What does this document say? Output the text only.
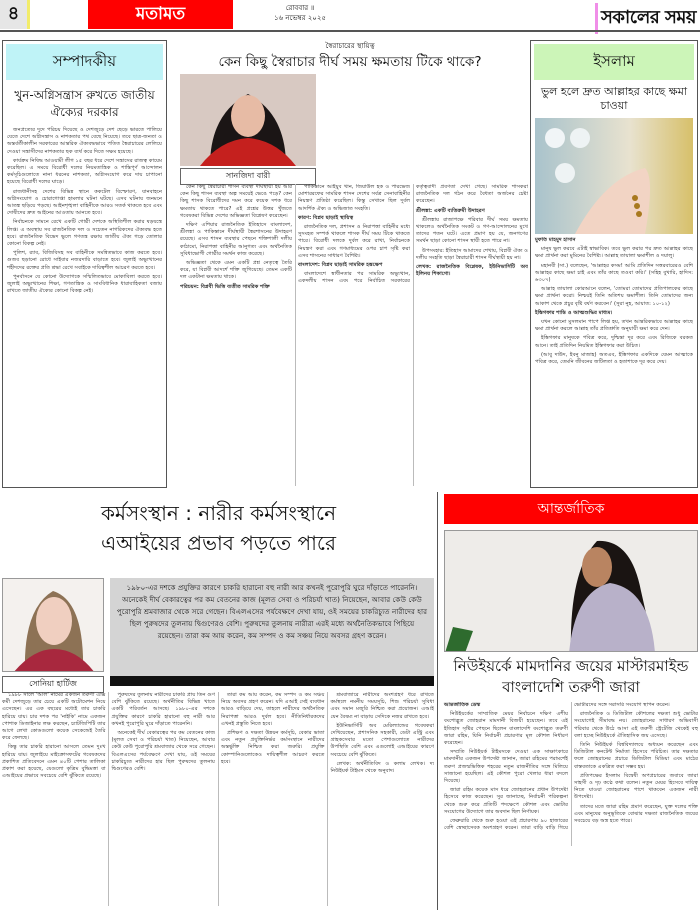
৪	মতামত	রোববার ॥
১৬ নভেম্বর ২০২৫	সকালের সময়
সম্পাদকীয়
খুন-অগ্নিসন্ত্রাস রুখতে জাতীয় ঐক্যের দরকার

জনপ্রত্যের দুদে পরিচয় দিয়েছে ও দেশজুড়ে দেশ ছেড়ে ভারতে পালিয়ে যেতে দেশে অগ্নিসন্ত্রাস ও নাশকতার পথ বেছে নিয়েছে। তবে ছাত্র-জনতা ও অন্তর্বর্তীকালীন সরকারের আন্তরিক ঐক্যবদ্ধভাবে পতিত স্বৈরাচারের লেলিয়ে দেওয়া সন্ত্রাসীদের নাশকতার ছক ব্যর্থ করে দিতে সক্ষম হয়েছে।

কার্যক্রম নিষিদ্ধ আওয়ামী লীগ ১৫ বছর ধরে দেশে সন্ত্রাসের রাজত্ব কায়েম করেছিল। এ সময়ে বিরোধী দলের নিয়মতান্ত্রিক ও শান্তিপূর্ণ আন্দোলন কর্মসূচিগুলোতে নানা ধরনের নাশকতা, অগ্নিসংযোগ করে দায় চাপানো হয়েছে বিরোধী দলের ঘাড়ে।

রাজধানীসহ দেশের বিভিন্ন স্থানে ককটেল বিস্ফোরণ, যানবাহনে অগ্নিসংযোগ ও চোরাগোপ্তা হামলার ঘটনা ঘটছে। এসব ঘটনায় জনমনে আতঙ্ক ছড়িয়ে পড়ছে। আইনশৃঙ্খলা বাহিনীকে আরও সতর্ক থাকতে হবে এবং দোষীদের দ্রুত আইনের আওতায় আনতে হবে।

নির্বাচনকে সামনে রেখে একটি গোষ্ঠী দেশকে অস্থিতিশীল করার ষড়যন্ত্রে লিপ্ত। এ অবস্থায় সব রাজনৈতিক দল ও সচেতন নাগরিকদের ঐক্যবদ্ধ হতে হবে। রাজনৈতিক বিভেদ ভুলে গণতন্ত্র রক্ষায় জাতীয় ঐক্য গড়ে তোলার কোনো বিকল্প নেই।

পুলিশ, র‍্যাব, বিজিবিসহ সব বাহিনীকে সমন্বিতভাবে কাজ করতে হবে। গুজব ছড়ানো রোধে সাইবার নজরদারি বাড়াতে হবে। জুলাই অভ্যুত্থানের শহীদদের রক্তের প্রতি শ্রদ্ধা রেখে সবাইকে দায়িত্বশীল আচরণ করতে হবে।

পুনর্বাসনে যে কোনো উদ্যোগকে সম্মিলিতভাবে মোকাবিলা করতে হবে। জুলাই অভ্যুত্থানের শিক্ষা, গণতান্ত্রিক ও সাংবিধানিক ধারাবাহিকতা বজায় রাখতে জাতীয় ঐক্যের কোনো বিকল্প নেই।

স্বৈরাচারের স্থায়িত্ব
কেন কিছু স্বৈরাচার দীর্ঘ সময় ক্ষমতায় টিকে থাকে?
সানজিদা বারী

কেন কিছু স্বৈরাচারী শাসন ব্যবস্থা দীর্ঘস্থায়ী হয় আর কেন কিছু শাসন ব্যবস্থা অল্প সময়েই ভেঙে পড়ে? কেন কিছু শাসক বিরোধীদের দমন করে কয়েক দশক ধরে ক্ষমতায় থাকতে পারে? এই প্রশ্নের উত্তর খুঁজতে গবেষকরা বিভিন্ন দেশের অভিজ্ঞতা বিশ্লেষণ করেছেন।

দক্ষিণ এশিয়ার রাজনৈতিক ইতিহাসে বাংলাদেশ, শ্রীলঙ্কা ও পাকিস্তানে দীর্ঘস্থায়ী স্বৈরশাসনের উদাহরণ রয়েছে। এসব শাসন ব্যবস্থার পেছনে শক্তিশালী দলীয় কাঠামো, নিরাপত্তা বাহিনীর আনুগত্য এবং অর্থনৈতিক সুবিধাভোগী গোষ্ঠীর সমর্থন কাজ করেছে।

অভিজ্ঞতা থেকে এমন একটি প্রশ্ন নেতৃত্বে তৈরি করে, যা বিপ্লবী আদর্শে শক্তি জুগিয়েছে। তেমন একটি দল একটানা ক্ষমতায় থাকে।

পরিচয়ন: বিপ্লবী ভিত্তি ব্যতীত সামরিক শক্তি

পাকিস্তানে আইয়ুব খান, জিয়াউল হক ও পারভেজ মোশাররফের সামরিক শাসন দেশের সর্বত্র সেনাবাহিনীর নিয়ন্ত্রণ প্রতিষ্ঠা করেছিল। কিন্তু সেখানে ছিল দুর্বল আদর্শিক ঐক্য ও অভিজাত সংহতি।

কারণ: বিপ্লব ছাড়াই স্থায়িত্ব

রাজনৈতিক দল, প্রশাসন ও নিরাপত্তা বাহিনীর মধ্যে সুসংহত সম্পর্ক থাকলে শাসক দীর্ঘ সময় টিকে থাকতে পারে। বিরোধী দলকে দুর্বল করে রাখা, নির্বাচনকে নিয়ন্ত্রণ করা এবং গণমাধ্যমের ওপর চাপ সৃষ্টি করা এসব শাসনের সাধারণ বৈশিষ্ট্য।

বাংলাদেশ: বিপ্লব ছাড়াই সামরিক হস্তক্ষেপ

বাংলাদেশে স্বাধীনতার পর সামরিক অভ্যুত্থান, একদলীয় শাসন এবং পরে নির্বাচিত সরকারের কর্তৃত্ববাদী প্রবণতা দেখা গেছে। সামরিক শাসকরা রাজনৈতিক দল গঠন করে বৈধতা অর্জনের চেষ্টা করেছেন।

শ্রীলঙ্কা: একটি ব্যতিক্রমী উদাহরণ

শ্রীলঙ্কায় রাজাপক্ষে পরিবার দীর্ঘ সময় ক্ষমতায় থাকলেও অর্থনৈতিক সংকট ও গণ-আন্দোলনের মুখে তাদের পতন ঘটে। এতে প্রমাণ হয় যে, জনগণের সমর্থন ছাড়া কোনো শাসন স্থায়ী হতে পারে না।

উপসংহার: ইতিহাস আমাদের শেখায়, বিপ্লবী ঐক্য ও দলীয় সংহতি ছাড়া স্বৈরাচারী শাসন দীর্ঘস্থায়ী হয় না।

লেখক: রাজনৈতিক বিশ্লেষক, ইউনিভার্সিটি অব ইলিনয় শিকাগো।

ইসলাম
ভুল হলে দ্রুত আল্লাহর কাছে ক্ষমা চাওয়া

মুফতি মাহমুদ হাসান

মানুষ ভুল করবে এটাই স্বাভাবিক। তবে ভুল করার পর দ্রুত আল্লাহর কাছে ক্ষমা প্রার্থনা করা মুমিনের বৈশিষ্ট্য। আল্লাহ তায়ালা ক্ষমাশীল ও দয়ালু।

মহানবী (সা.) বলেছেন, 'আল্লাহর কসম! আমি প্রতিদিন সত্তরবারেরও বেশি আল্লাহর কাছে ক্ষমা চাই এবং তাঁর কাছে তওবা করি।' (সহিহ বুখারি, হাদিস: ৬৩০৭)

আল্লাহ তায়ালা কোরআনে বলেন, 'তোমরা তোমাদের প্রতিপালকের কাছে ক্ষমা প্রার্থনা করো। নিশ্চয়ই তিনি অতিশয় ক্ষমাশীল। তিনি তোমাদের জন্য আকাশ থেকে প্রচুর বৃষ্টি বর্ষণ করবেন।' (সুরা নুহ, আয়াত: ১০-১২)

ইস্তিগফার শান্তি ও আত্মশুদ্ধির মাধ্যম।

যখন কোনো মুসলমান পাপে লিপ্ত হয়, তখন আন্তরিকভাবে আল্লাহর কাছে ক্ষমা প্রার্থনা করলে আল্লাহ তাঁর প্রতিশ্রুতি অনুযায়ী ক্ষমা করে দেন।

ইস্তিগফার মানুষকে পবিত্র করে, দুশ্চিন্তা দূর করে এবং রিজিকে বরকত আনে। তাই প্রতিদিন নিয়মিত ইস্তিগফার করা উচিত।

(আবু দাউদ, ইবনু মাজাহ) অতএব, ইস্তিগফার একদিকে যেমন আত্মাকে পবিত্র করে, তেমনি জীবনের জটিলতা ও হতাশাকে দূর করে দেয়।

কর্মসংস্থান : নারীর কর্মসংস্থানে এআইয়ের প্রভাব পড়তে পারে
সোনিয়া হার্টিজ
১৯৮০-এর দশকে প্রযুক্তির কারণে চাকরি হারানো বহু নারী আর কখনই পুরোপুরি ঘুরে দাঁড়াতে পারেননি। অনেকেই দীর্ঘ বেকারত্বের পর কম বেতনের কাজ (মূলত সেবা ও পরিচর্যা খাত) নিয়েছেন, আবার কেউ কেউ পুরোপুরি শ্রমবাজার থেকে সরে গেছেন। বিএলএসের পর্যবেক্ষণে দেখা যায়, ওই সময়ের চাকরিচ্যুত নারীদের হার ছিল পুরুষদের তুলনায় দ্বিগুণেরও বেশি। পুরুষদের তুলনায় নারীরা এরই মধ্যে অর্থনৈতিকভাবে পিছিয়ে রয়েছেন। তারা কম আয় করেন, কম সম্পদ ও কম সঞ্চয় নিয়ে অবসর গ্রহণ করেন।

১৯৮৮ সালে 'আল' নামের একজন তরুণী এক্সি কর্মী দেশজুড়ে তার চেয়ে একটি অটোমেশন নিয়ে এসেছেন। এর এক বছরের মধ্যেই তার চাকরি হারিয়ে যায়। চার দশক পর 'নাইকি' নামে একজন পোশাক ডিজাইনার লক্ষ করছেন, চ্যাটজিপিটি তার আগে লেখা কোডগুলো কয়েক সেকেন্ডেই তৈরি করে ফেলছে।

কিন্তু তার চাকরি হারানো আসলে তেমন দুঃখ হারিয়ে যায়। জুলাইয়ে মাইক্রোসফটের গবেষকদের প্রকাশিত প্রতিবেদনে এমন ৪০টি পেশার তালিকা প্রকাশ করা হয়েছে, যেগুলো কৃত্রিম বুদ্ধিমত্তা বা এআইয়ের প্রভাবে সবচেয়ে বেশি ঝুঁকিতে রয়েছে।

পুরুষদের তুলনায় নারীদের চাকরি প্রায় তিন গুণ বেশি ঝুঁকিতে রয়েছে। অর্থনীতির বিভিন্ন খাতে একটি পরিবর্তন আসছে। ১৯৮০-এর দশকে প্রযুক্তির কারণে চাকরি হারানো বহু নারী আর কখনই পুরোপুরি ঘুরে দাঁড়াতে পারেননি।

অনেকেই দীর্ঘ বেকারত্বের পর কম বেতনের কাজ (মূলত সেবা ও পরিচর্যা খাত) নিয়েছেন, আবার কেউ কেউ পুরোপুরি শ্রমবাজার থেকে সরে গেছেন। বিএলএসের পর্যবেক্ষণে দেখা যায়, ওই সময়ের চাকরিচ্যুত নারীদের হার ছিল পুরুষদের তুলনায় দ্বিগুণেরও বেশি।

তারা কম আয় করেন, কম সম্পদ ও কম সঞ্চয় নিয়ে অবসর গ্রহণ করেন। যদি এআই সেই ব্যবধান আরও বাড়িয়ে দেয়, তাহলে নারীদের অর্থনৈতিক নিরাপত্তা আরও দুর্বল হবে। নীতিনির্ধারকদের এখনই প্রস্তুতি নিতে হবে।

প্রশিক্ষণ ও দক্ষতা উন্নয়ন কর্মসূচি, বেকার ভাতা এবং নতুন প্রযুক্তিনির্ভর কর্মসংস্থানে নারীদের অন্তর্ভুক্তি নিশ্চিত করা জরুরি। প্রযুক্তি কোম্পানিগুলোকেও দায়িত্বশীল আচরণ করতে হবে।

শ্রমবাজারে নারীদের অংশগ্রহণ ধরে রাখতে কর্মস্থলে নমনীয় সময়সূচি, শিশু পরিচর্যা সুবিধা এবং সমান মজুরি নিশ্চিত করা প্রয়োজন। এআই যেন বৈষম্য না বাড়ায় সেদিকে নজর রাখতে হবে।

ইউনিভার্সিটি অব মেরিল্যান্ডের গবেষকরা দেখিয়েছেন, প্রশাসনিক সহকারী, ডেটা এন্ট্রি এবং গ্রাহকসেবার মতো পেশাগুলোতে নারীদের উপস্থিতি বেশি এবং এগুলোই এআইয়ের কারণে সবচেয়ে বেশি ঝুঁকিতে।

লেখক: অর্থনীতিবিদ ও কলাম লেখক। দ্য নিউইয়র্ক টাইমস থেকে অনুবাদ।

আন্তর্জাতিক
নিউইয়র্কে মামদানির জয়ের মাস্টারমাইন্ড বাংলাদেশি তরুণী জারা

আন্তর্জাতিক ডেস্ক

নিউইয়র্কের সাম্প্রতিক মেয়র নির্বাচনে দক্ষিণ এশীয় বংশোদ্ভূত জোহরান মামদানী বিজয়ী হয়েছেন। তবে এই ইতিহাস সৃষ্টির পেছনে ছিলেন বাংলাদেশি বংশোদ্ভূত তরুণী জারা রহিম, যিনি নির্বাচনী প্রচারণার মূল কৌশল নির্ধারণ করেছেন।

সম্প্রতি নিউইয়র্ক টাইমসকে দেওয়া এক সাক্ষাৎকারে মামদানীর একজন উপদেষ্টা জানান, জারা রহিমের পরামর্শেই তরুণ প্রজন্মভিত্তিক শহরের নতুন রাজনীতির সঙ্গে মিলিয়ে সাজানো হয়েছিল। এই কৌশল পুরো খেলার ধারা বদলে দিয়েছে।

জারা রহিম কয়েক মাস ধরে জোহরানের প্রধান উপদেষ্টা হিসেবে কাজ করেছেন। সুর জানাচ্ছে, নির্বাচনী পরিকল্পনা থেকে শুরু করে প্রতিটি পদক্ষেপে কৌশল এবং ভোটার সংযোগের উদ্যোগে তার অবদান ছিল নির্ণায়ক।

ফেব্রুয়ারি থেকে শুরু হওয়া এই প্রচারণায় ৯০ হাজারের বেশি স্বেচ্ছাসেবক অংশগ্রহণ করেন। তারা বাড়ি বাড়ি গিয়ে ভোটারদের সঙ্গে সরাসরি সংযোগ স্থাপন করেন।

রাজনৈতিক ও ডিজিটাল কৌশলের দক্ষতা শুধু ভোটার সংযোগেই সীমাবদ্ধ নয়। জোহরানের সাধারণ অভিবাসী পরিবার থেকে উঠে আসা এই তরুণী স্ট্রেটেজি থেকেই বহু বলা হচ্ছে নিউইয়র্কে ঐতিহাসিক জয় এসেছে।

তিনি নিউইয়র্ক বিশ্ববিদ্যালয়ে অধ্যয়ন করেছেন এবং ডিজিটাল কনটেন্ট নির্মাতা হিসেবে পরিচিত। তার দক্ষতার ফলে জোহরানের প্রচারে ডিজিটাল মিডিয়া এবং মাঠের বাস্তবতাকে একত্রিত করা সম্ভব হয়।

প্রতিপক্ষের ইসলাম বিদ্বেষী অপপ্রচারের জবাবে জারা সাহসী ও দৃঢ় কণ্ঠে কথা বলেন। নতুন মেয়র হিসেবে দায়িত্ব নিতে যাওয়া জোহরানের পাশে থাকবেন একজন নারী উপদেষ্টা।

তাদের মতে জারা রহিম প্রমাণ করেছেন, যুক্ত দলের শক্তি এবং মানুষের অনুভূতিকে বোঝার দক্ষতা রাজনৈতিক জয়ের সবচেয়ে বড় অস্ত্র হতে পারে।
